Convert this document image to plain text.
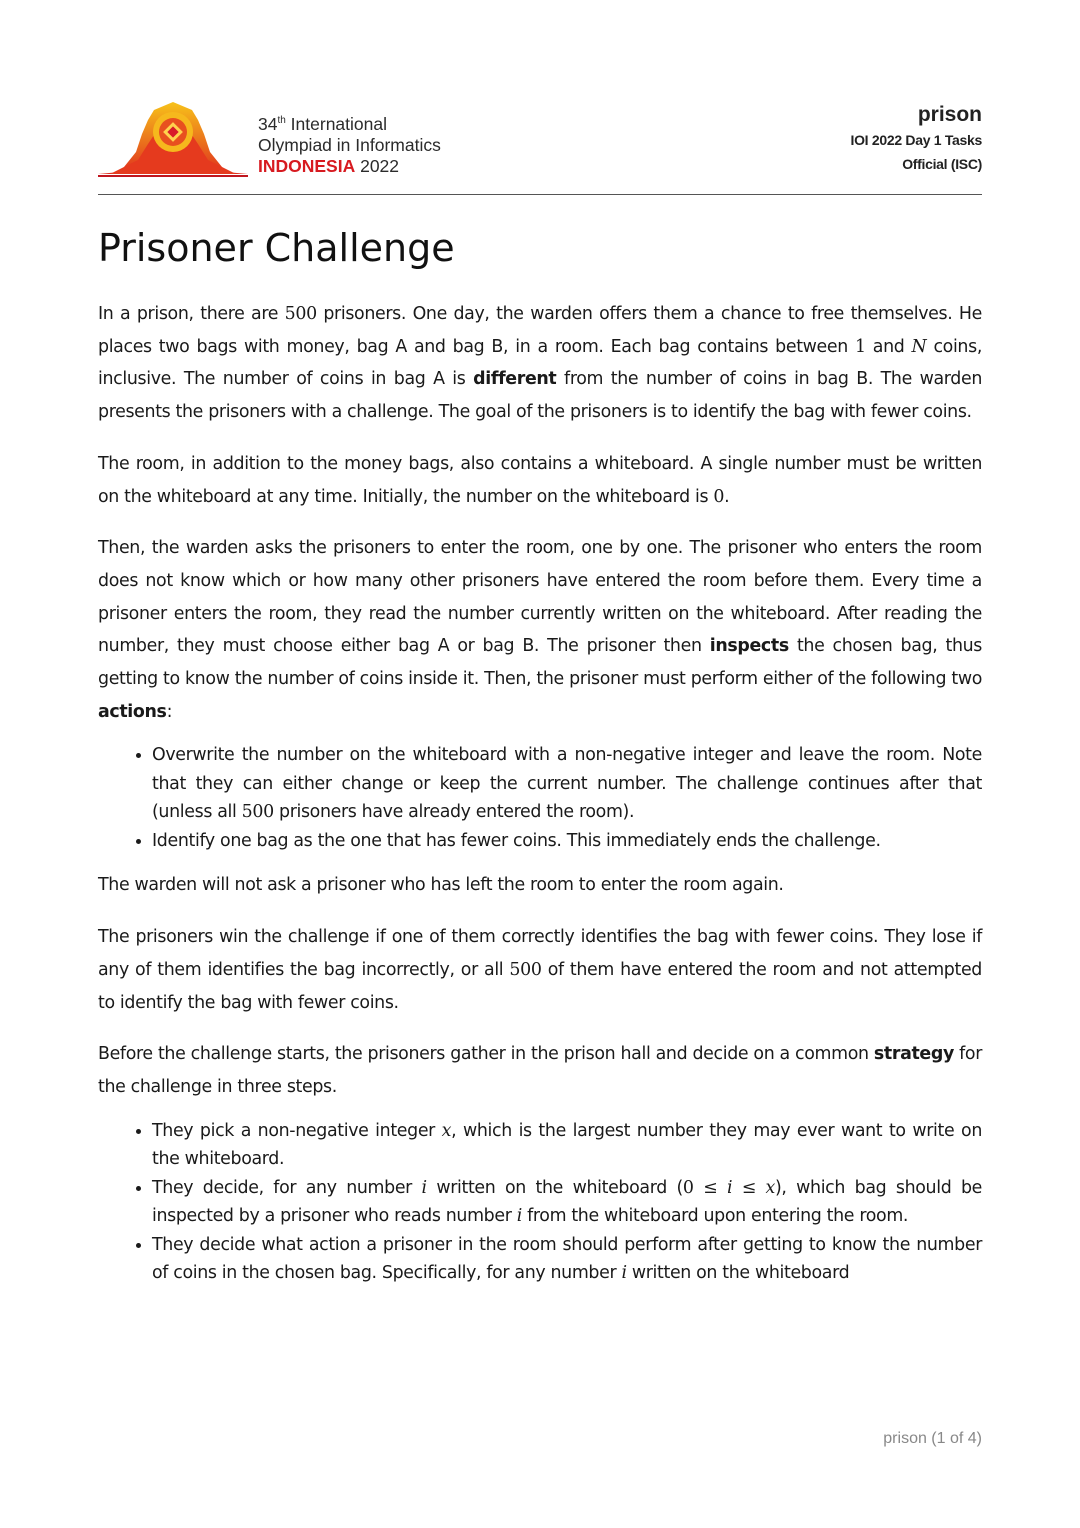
34th International
Olympiad in Informatics
INDONESIA 2022
prison
IOI 2022 Day 1 Tasks
Official (ISC)
Prisoner Challenge

In a prison, there are 500 prisoners. One day, the warden offers them a chance to free themselves. He places two bags with money, bag A and bag B, in a room. Each bag contains between 1 and N coins, inclusive. The number of coins in bag A is different from the number of coins in bag B. The warden presents the prisoners with a challenge. The goal of the prisoners is to identify the bag with fewer coins.

The room, in addition to the money bags, also contains a whiteboard. A single number must be written on the whiteboard at any time. Initially, the number on the whiteboard is 0.

Then, the warden asks the prisoners to enter the room, one by one. The prisoner who enters the room does not know which or how many other prisoners have entered the room before them. Every time a prisoner enters the room, they read the number currently written on the whiteboard. After reading the number, they must choose either bag A or bag B. The prisoner then inspects the chosen bag, thus getting to know the number of coins inside it. Then, the prisoner must perform either of the following two actions:

• Overwrite the number on the whiteboard with a non-negative integer and leave the room. Note that they can either change or keep the current number. The challenge continues after that (unless all 500 prisoners have already entered the room).
• Identify one bag as the one that has fewer coins. This immediately ends the challenge.

The warden will not ask a prisoner who has left the room to enter the room again.

The prisoners win the challenge if one of them correctly identifies the bag with fewer coins. They lose if any of them identifies the bag incorrectly, or all 500 of them have entered the room and not attempted to identify the bag with fewer coins.

Before the challenge starts, the prisoners gather in the prison hall and decide on a common strategy for the challenge in three steps.

• They pick a non-negative integer x, which is the largest number they may ever want to write on the whiteboard.
• They decide, for any number i written on the whiteboard (0 ≤ i ≤ x), which bag should be inspected by a prisoner who reads number i from the whiteboard upon entering the room.
• They decide what action a prisoner in the room should perform after getting to know the number of coins in the chosen bag. Specifically, for any number i written on the whiteboard
prison (1 of 4)
